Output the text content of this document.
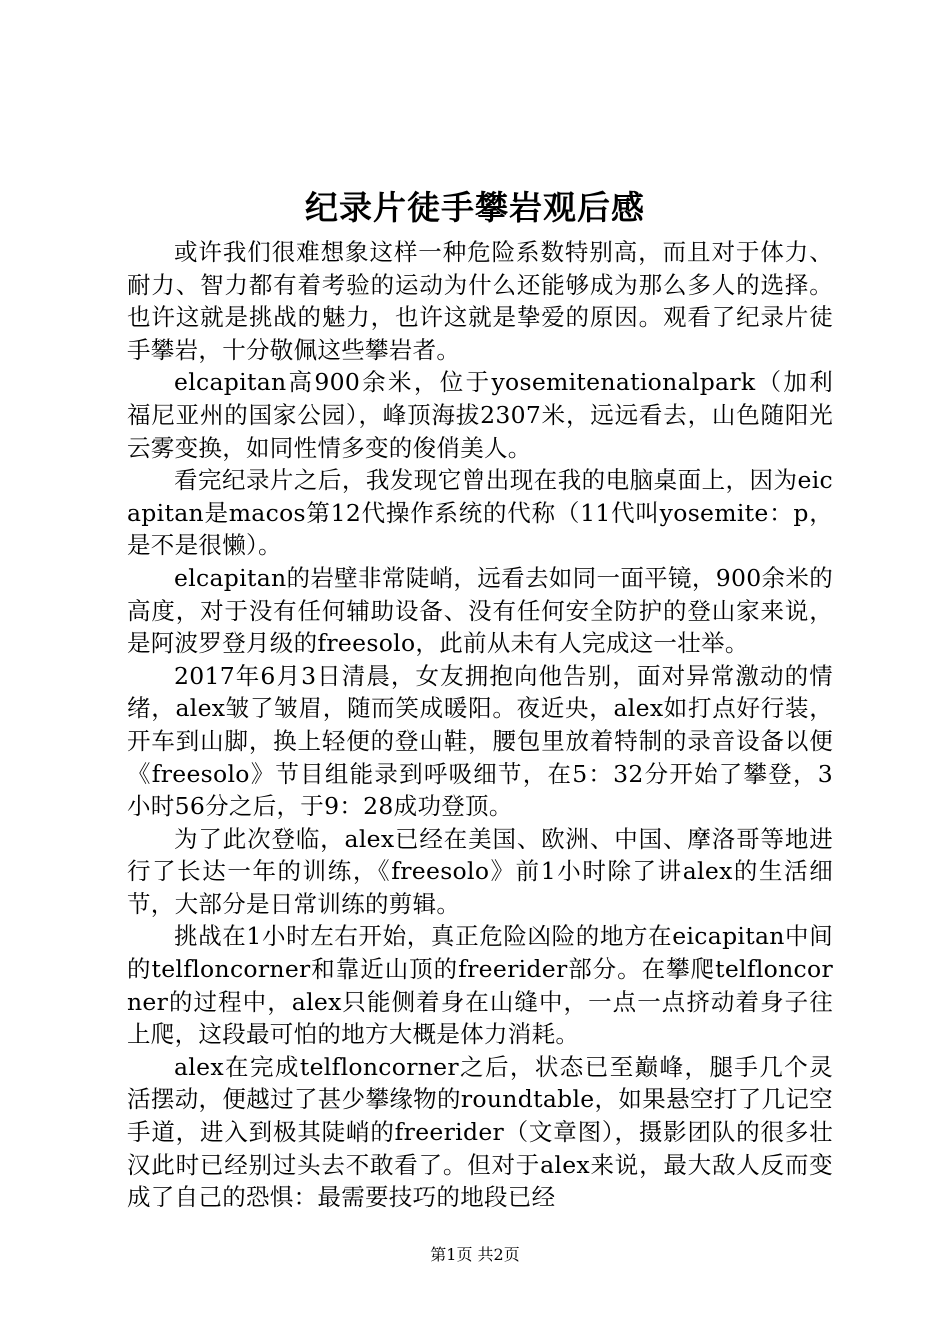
纪录片徒手攀岩观后感

或许我们很难想象这样一种危险系数特别高，而且对于体力、耐力、智力都有着考验的运动为什么还能够成为那么多人的选择。也许这就是挑战的魅力，也许这就是挚爱的原因。观看了纪录片徒手攀岩，十分敬佩这些攀岩者。

elcapitan高900余米，位于yosemitenationalpark（加利福尼亚州的国家公园），峰顶海拔2307米，远远看去，山色随阳光云雾变换，如同性情多变的俊俏美人。

看完纪录片之后，我发现它曾出现在我的电脑桌面上，因为eicapitan是macos第12代操作系统的代称（11代叫yosemite：p，是不是很懒）。

elcapitan的岩壁非常陡峭，远看去如同一面平镜，900余米的高度，对于没有任何辅助设备、没有任何安全防护的登山家来说，是阿波罗登月级的freesolo，此前从未有人完成这一壮举。

2017年6月3日清晨，女友拥抱向他告别，面对异常激动的情绪，alex皱了皱眉，随而笑成暖阳。夜近央，alex如打点好行装，开车到山脚，换上轻便的登山鞋，腰包里放着特制的录音设备以便《freesolo》节目组能录到呼吸细节，在5：32分开始了攀登，3小时56分之后，于9：28成功登顶。

为了此次登临，alex已经在美国、欧洲、中国、摩洛哥等地进行了长达一年的训练，《freesolo》前1小时除了讲alex的生活细节，大部分是日常训练的剪辑。

挑战在1小时左右开始，真正危险凶险的地方在eicapitan中间的telfloncorner和靠近山顶的freerider部分。在攀爬telfloncorner的过程中，alex只能侧着身在山缝中，一点一点挤动着身子往上爬，这段最可怕的地方大概是体力消耗。

alex在完成telfloncorner之后，状态已至巅峰，腿手几个灵活摆动，便越过了甚少攀缘物的roundtable，如果悬空打了几记空手道，进入到极其陡峭的freerider（文章图），摄影团队的很多壮汉此时已经别过头去不敢看了。但对于alex来说，最大敌人反而变成了自己的恐惧：最需要技巧的地段已经

第1页 共2页
